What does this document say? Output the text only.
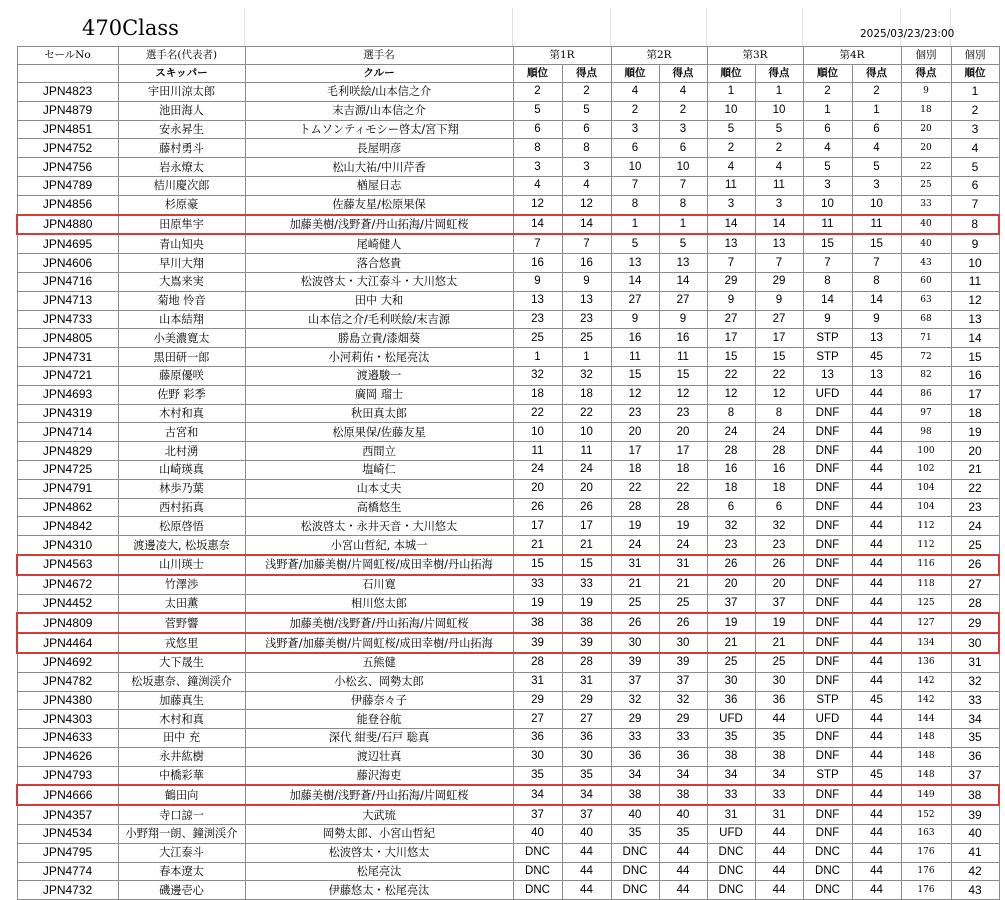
470Class	2025/03/23/23:00
セールNo	選手名(代表者)	選手名	第1R		第2R		第3R		第4R		個別	個別
	スキッパー	クルー	順位	得点	順位	得点	順位	得点	順位	得点	得点	順位
JPN4823	宇田川涼太郎	毛利咲絵/山本信之介	2	2	4	4	1	1	2	2	9	1
JPN4879	池田海人	末吉源/山本信之介	5	5	2	2	10	10	1	1	18	2
JPN4851	安永昇生	トムソンティモシー啓太/宮下翔	6	6	3	3	5	5	6	6	20	3
JPN4752	藤村勇斗	長屋明彦	8	8	6	6	2	2	4	4	20	4
JPN4756	岩永燎太	松山大祐/中川芹香	3	3	10	10	4	4	5	5	22	5
JPN4789	桔川慶次郎	楢屋日志	4	4	7	7	11	11	3	3	25	6
JPN4856	杉原豪	佐藤友星/松原果保	12	12	8	8	3	3	10	10	33	7
JPN4880	田原隼宇	加藤美樹/浅野蒼/丹山拓海/片岡虹桜	14	14	1	1	14	14	11	11	40	8
JPN4695	青山知央	尾崎健人	7	7	5	5	13	13	15	15	40	9
JPN4606	早川大翔	落合悠貴	16	16	13	13	7	7	7	7	43	10
JPN4716	大嶌来実	松波啓太・大江泰斗・大川悠太	9	9	14	14	29	29	8	8	60	11
JPN4713	菊地 怜音	田中 大和	13	13	27	27	9	9	14	14	63	12
JPN4733	山本結翔	山本信之介/毛利咲絵/末吉源	23	23	9	9	27	27	9	9	68	13
JPN4805	小美濃寛太	勝島立貴/漆畑葵	25	25	16	16	17	17	STP	13	71	14
JPN4731	黒田研一郎	小河莉佑・松尾亮汰	1	1	11	11	15	15	STP	45	72	15
JPN4721	藤原優咲	渡邉駿一	32	32	15	15	22	22	13	13	82	16
JPN4693	佐野 彩季	廣岡 瑠士	18	18	12	12	12	12	UFD	44	86	17
JPN4319	木村和真	秋田真太郎	22	22	23	23	8	8	DNF	44	97	18
JPN4714	古宮和	松原果保/佐藤友星	10	10	20	20	24	24	DNF	44	98	19
JPN4829	北村湧	西間立	11	11	17	17	28	28	DNF	44	100	20
JPN4725	山崎瑛真	塩崎仁	24	24	18	18	16	16	DNF	44	102	21
JPN4791	林歩乃葉	山本丈夫	20	20	22	22	18	18	DNF	44	104	22
JPN4862	西村拓真	高橋悠生	26	26	28	28	6	6	DNF	44	104	23
JPN4842	松原啓悟	松波啓太・永井天音・大川悠太	17	17	19	19	32	32	DNF	44	112	24
JPN4310	渡邊凌大, 松坂惠奈	小宮山哲紀, 本城一	21	21	24	24	23	23	DNF	44	112	25
JPN4563	山川瑛士	浅野蒼/加藤美樹/片岡虹桜/成田幸樹/丹山拓海	15	15	31	31	26	26	DNF	44	116	26
JPN4672	竹澤渉	石川寛	33	33	21	21	20	20	DNF	44	118	27
JPN4452	太田薫	相川悠太郎	19	19	25	25	37	37	DNF	44	125	28
JPN4809	菅野響	加藤美樹/浅野蒼/丹山拓海/片岡虹桜	38	38	26	26	19	19	DNF	44	127	29
JPN4464	戎悠里	浅野蒼/加藤美樹/片岡虹桜/成田幸樹/丹山拓海	39	39	30	30	21	21	DNF	44	134	30
JPN4692	大下晟生	五熊健	28	28	39	39	25	25	DNF	44	136	31
JPN4782	松坂惠奈、鐘渕渓介	小松玄、岡勢太郎	31	31	37	37	30	30	DNF	44	142	32
JPN4380	加藤真生	伊藤奈々子	29	29	32	32	36	36	STP	45	142	33
JPN4303	木村和真	能登谷航	27	27	29	29	UFD	44	UFD	44	144	34
JPN4633	田中 充	深代 紺斐/石戸 聡真	36	36	33	33	35	35	DNF	44	148	35
JPN4626	永井紘樹	渡辺壮真	30	30	36	36	38	38	DNF	44	148	36
JPN4793	中橋彩華	藤沢海吏	35	35	34	34	34	34	STP	45	148	37
JPN4666	鶴田向	加藤美樹/浅野蒼/丹山拓海/片岡虹桜	34	34	38	38	33	33	DNF	44	149	38
JPN4357	寺口諒一	大武琉	37	37	40	40	31	31	DNF	44	152	39
JPN4534	小野翔一朗、鐘渕渓介	岡勢太郎、小宮山哲紀	40	40	35	35	UFD	44	DNF	44	163	40
JPN4795	大江泰斗	松波啓太・大川悠太	DNC	44	DNC	44	DNC	44	DNC	44	176	41
JPN4774	春本遼太	松尾亮汰	DNC	44	DNC	44	DNC	44	DNC	44	176	42
JPN4732	磯邊壱心	伊藤悠太・松尾亮汰	DNC	44	DNC	44	DNC	44	DNC	44	176	43
